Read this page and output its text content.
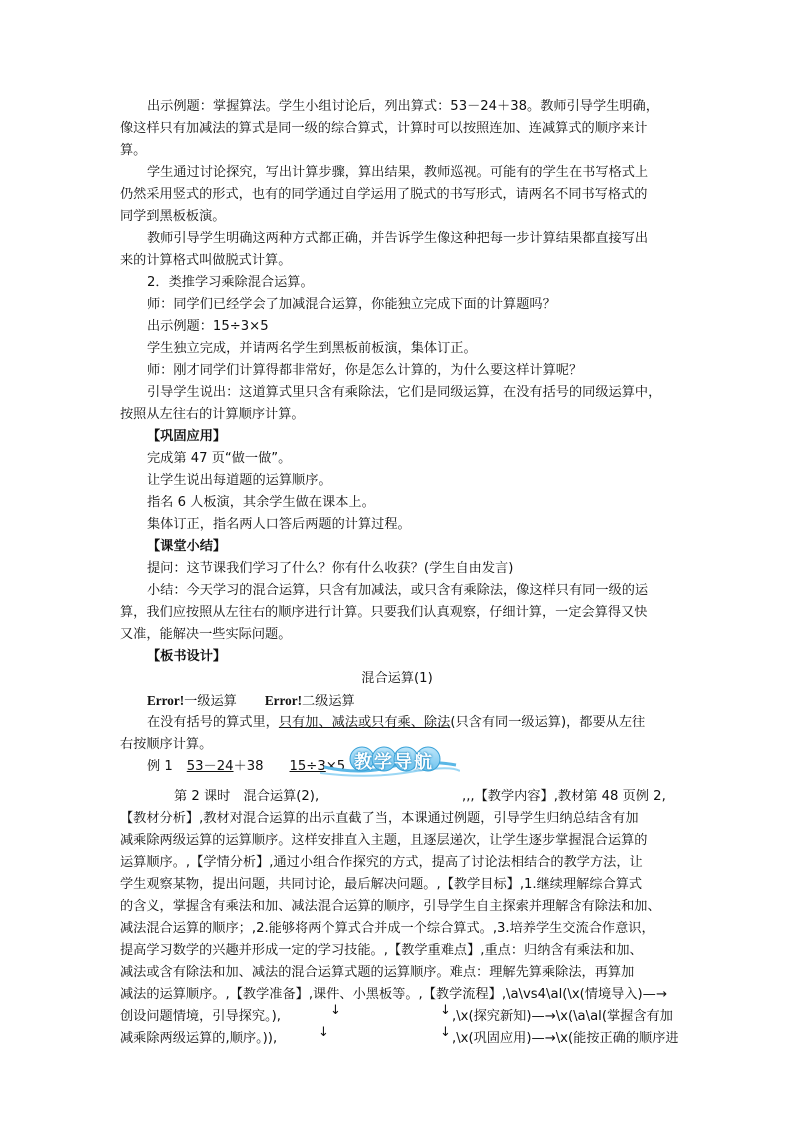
出示例题：掌握算法。学生小组讨论后，列出算式：53－24＋38。教师引导学生明确，
像这样只有加减法的算式是同一级的综合算式，计算时可以按照连加、连减算式的顺序来计
算。
学生通过讨论探究，写出计算步骤，算出结果，教师巡视。可能有的学生在书写格式上
仍然采用竖式的形式，也有的同学通过自学运用了脱式的书写形式，请两名不同书写格式的
同学到黑板板演。
教师引导学生明确这两种方式都正确，并告诉学生像这种把每一步计算结果都直接写出
来的计算格式叫做脱式计算。
2．类推学习乘除混合运算。
师：同学们已经学会了加减混合运算，你能独立完成下面的计算题吗？
出示例题：15÷3×5
学生独立完成，并请两名学生到黑板前板演，集体订正。
师：刚才同学们计算得都非常好，你是怎么计算的，为什么要这样计算呢？
引导学生说出：这道算式里只含有乘除法，它们是同级运算，在没有括号的同级运算中，
按照从左往右的计算顺序计算。
【巩固应用】
完成第 47 页“做一做”。
让学生说出每道题的运算顺序。
指名 6 人板演，其余学生做在课本上。
集体订正，指名两人口答后两题的计算过程。
【课堂小结】
提问：这节课我们学习了什么？你有什么收获？(学生自由发言)
小结：今天学习的混合运算，只含有加减法，或只含有乘除法，像这样只有同一级的运
算，我们应按照从左往右的顺序进行计算。只要我们认真观察，仔细计算，一定会算得又快
又准，能解决一些实际问题。
【板书设计】
混合运算(1)
Error!一级运算 Error!二级运算
在没有括号的算式里，只有加、减法或只有乘、除法(只含有同一级运算)，都要从左往
右按顺序计算。
例 1 53－24＋38 15÷3×5 教学导航
第 2 课时　混合运算(2),	,,,【教学内容】,教材第 48 页例 2,
【教材分析】,教材对混合运算的出示直截了当，本课通过例题，引导学生归纳总结含有加
减乘除两级运算的运算顺序。这样安排直入主题，且逐层递次，让学生逐步掌握混合运算的
运算顺序。,【学情分析】,通过小组合作探究的方式，提高了讨论法相结合的教学方法，让
学生观察某物，提出问题，共同讨论，最后解决问题。,【教学目标】,1.继续理解综合算式
的含义，掌握含有乘法和加、减法混合运算的顺序，引导学生自主探索并理解含有除法和加、
减法混合运算的顺序；,2.能够将两个算式合并成一个综合算式。,3.培养学生交流合作意识，
提高学习数学的兴趣并形成一定的学习技能。,【教学重难点】,重点：归纳含有乘法和加、
减法或含有除法和加、减法的混合运算式题的运算顺序。难点：理解先算乘除法，再算加
减法的运算顺序。,【教学准备】,课件、小黑板等。,【教学流程】,\a\vs4\al(\x(情境导入)—→
创设问题情境，引导探究。),	↓	↓ ,\x(探究新知)—→\x(\a\al(掌握含有加
减乘除两级运算的,顺序。)),	↓	↓ ,\x(巩固应用)—→\x(能按正确的顺序进
